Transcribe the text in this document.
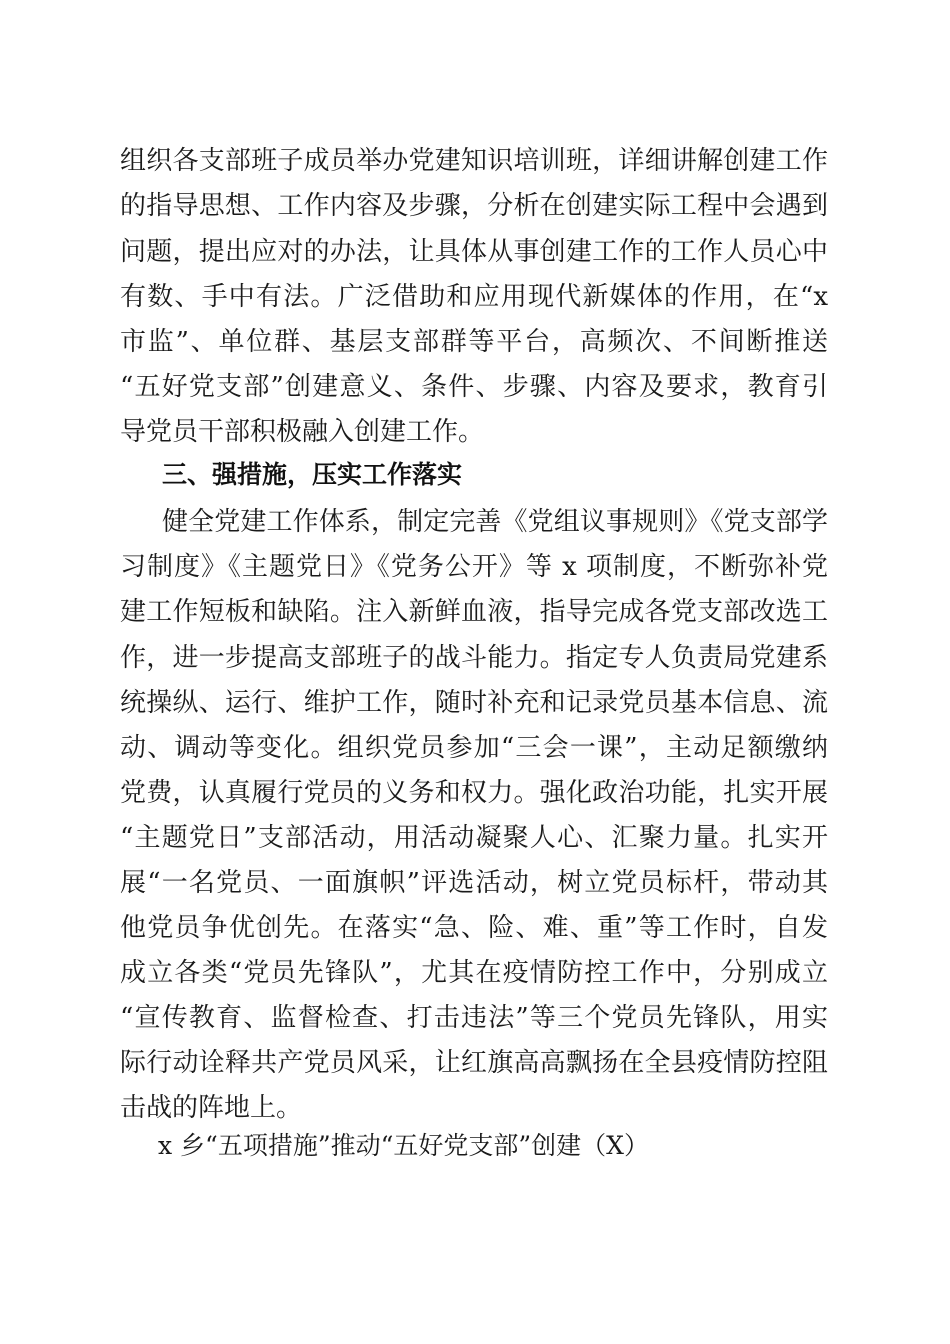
组织各支部班子成员举办党建知识培训班，详细讲解创建工作
的指导思想、工作内容及步骤，分析在创建实际工程中会遇到
问题，提出应对的办法，让具体从事创建工作的工作人员心中
有数、手中有法。广泛借助和应用现代新媒体的作用，在“x
市监”、单位群、基层支部群等平台，高频次、不间断推送
“五好党支部”创建意义、条件、步骤、内容及要求，教育引
导党员干部积极融入创建工作。
三、强措施，压实工作落实
健全党建工作体系，制定完善《党组议事规则》《党支部学
习制度》《主题党日》《党务公开》等 x 项制度，不断弥补党
建工作短板和缺陷。注入新鲜血液，指导完成各党支部改选工
作，进一步提高支部班子的战斗能力。指定专人负责局党建系
统操纵、运行、维护工作，随时补充和记录党员基本信息、流
动、调动等变化。组织党员参加“三会一课”，主动足额缴纳
党费，认真履行党员的义务和权力。强化政治功能，扎实开展
“主题党日”支部活动，用活动凝聚人心、汇聚力量。扎实开
展“一名党员、一面旗帜”评选活动，树立党员标杆，带动其
他党员争优创先。在落实“急、险、难、重”等工作时，自发
成立各类“党员先锋队”，尤其在疫情防控工作中，分别成立
“宣传教育、监督检查、打击违法”等三个党员先锋队，用实
际行动诠释共产党员风采，让红旗高高飘扬在全县疫情防控阻
击战的阵地上。
x 乡“五项措施”推动“五好党支部”创建（X）
